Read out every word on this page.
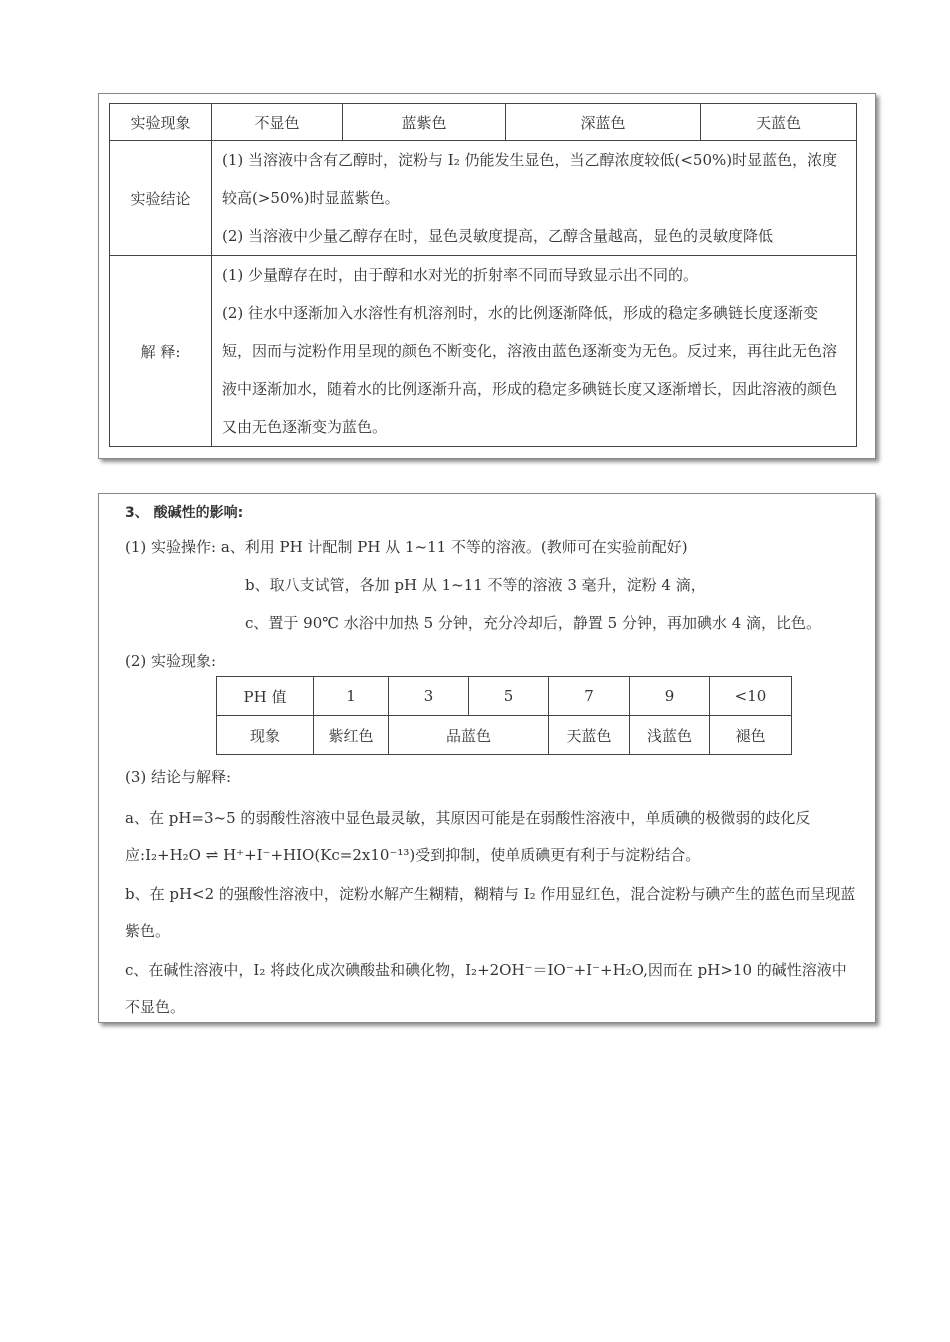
实验现象	不显色	蓝紫色	深蓝色	天蓝色
实验结论	(1) 当溶液中含有乙醇时，淀粉与 I₂ 仍能发生显色，当乙醇浓度较低(<50%)时显蓝色，浓度较高(>50%)时显蓝紫色。
(2) 当溶液中少量乙醇存在时，显色灵敏度提高，乙醇含量越高，显色的灵敏度降低			

解 释:	(1) 少量醇存在时，由于醇和水对光的折射率不同而导致显示出不同的。
(2) 往水中逐渐加入水溶性有机溶剂时，水的比例逐渐降低，形成的稳定多碘链长度逐渐变短，因而与淀粉作用呈现的颜色不断变化，溶液由蓝色逐渐变为无色。反过来，再往此无色溶液中逐渐加水，随着水的比例逐渐升高，形成的稳定多碘链长度又逐渐增长，因此溶液的颜色又由无色逐渐变为蓝色。			
3、 酸碱性的影响:
(1) 实验操作: a、利用 PH 计配制 PH 从 1~11 不等的溶液。(教师可在实验前配好)
b、取八支试管，各加 pH 从 1~11 不等的溶液 3 毫升，淀粉 4 滴，
c、置于 90℃ 水浴中加热 5 分钟，充分冷却后，静置 5 分钟，再加碘水 4 滴，比色。
(2) 实验现象:
PH 值	1	3	5	7	9	<10
现象	紫红色	品蓝色		天蓝色	浅蓝色	褪色
(3) 结论与解释:
a、在 pH=3~5 的弱酸性溶液中显色最灵敏，其原因可能是在弱酸性溶液中，单质碘的极微弱的歧化反应:I₂+H₂O ⇌ H⁺+I⁻+HIO(Kc=2x10⁻¹³)受到抑制，使单质碘更有利于与淀粉结合。
b、在 pH<2 的强酸性溶液中，淀粉水解产生糊精，糊精与 I₂ 作用显红色，混合淀粉与碘产生的蓝色而呈现蓝紫色。
c、在碱性溶液中，I₂ 将歧化成次碘酸盐和碘化物，I₂+2OH⁻＝IO⁻+I⁻+H₂O,因而在 pH>10 的碱性溶液中不显色。
